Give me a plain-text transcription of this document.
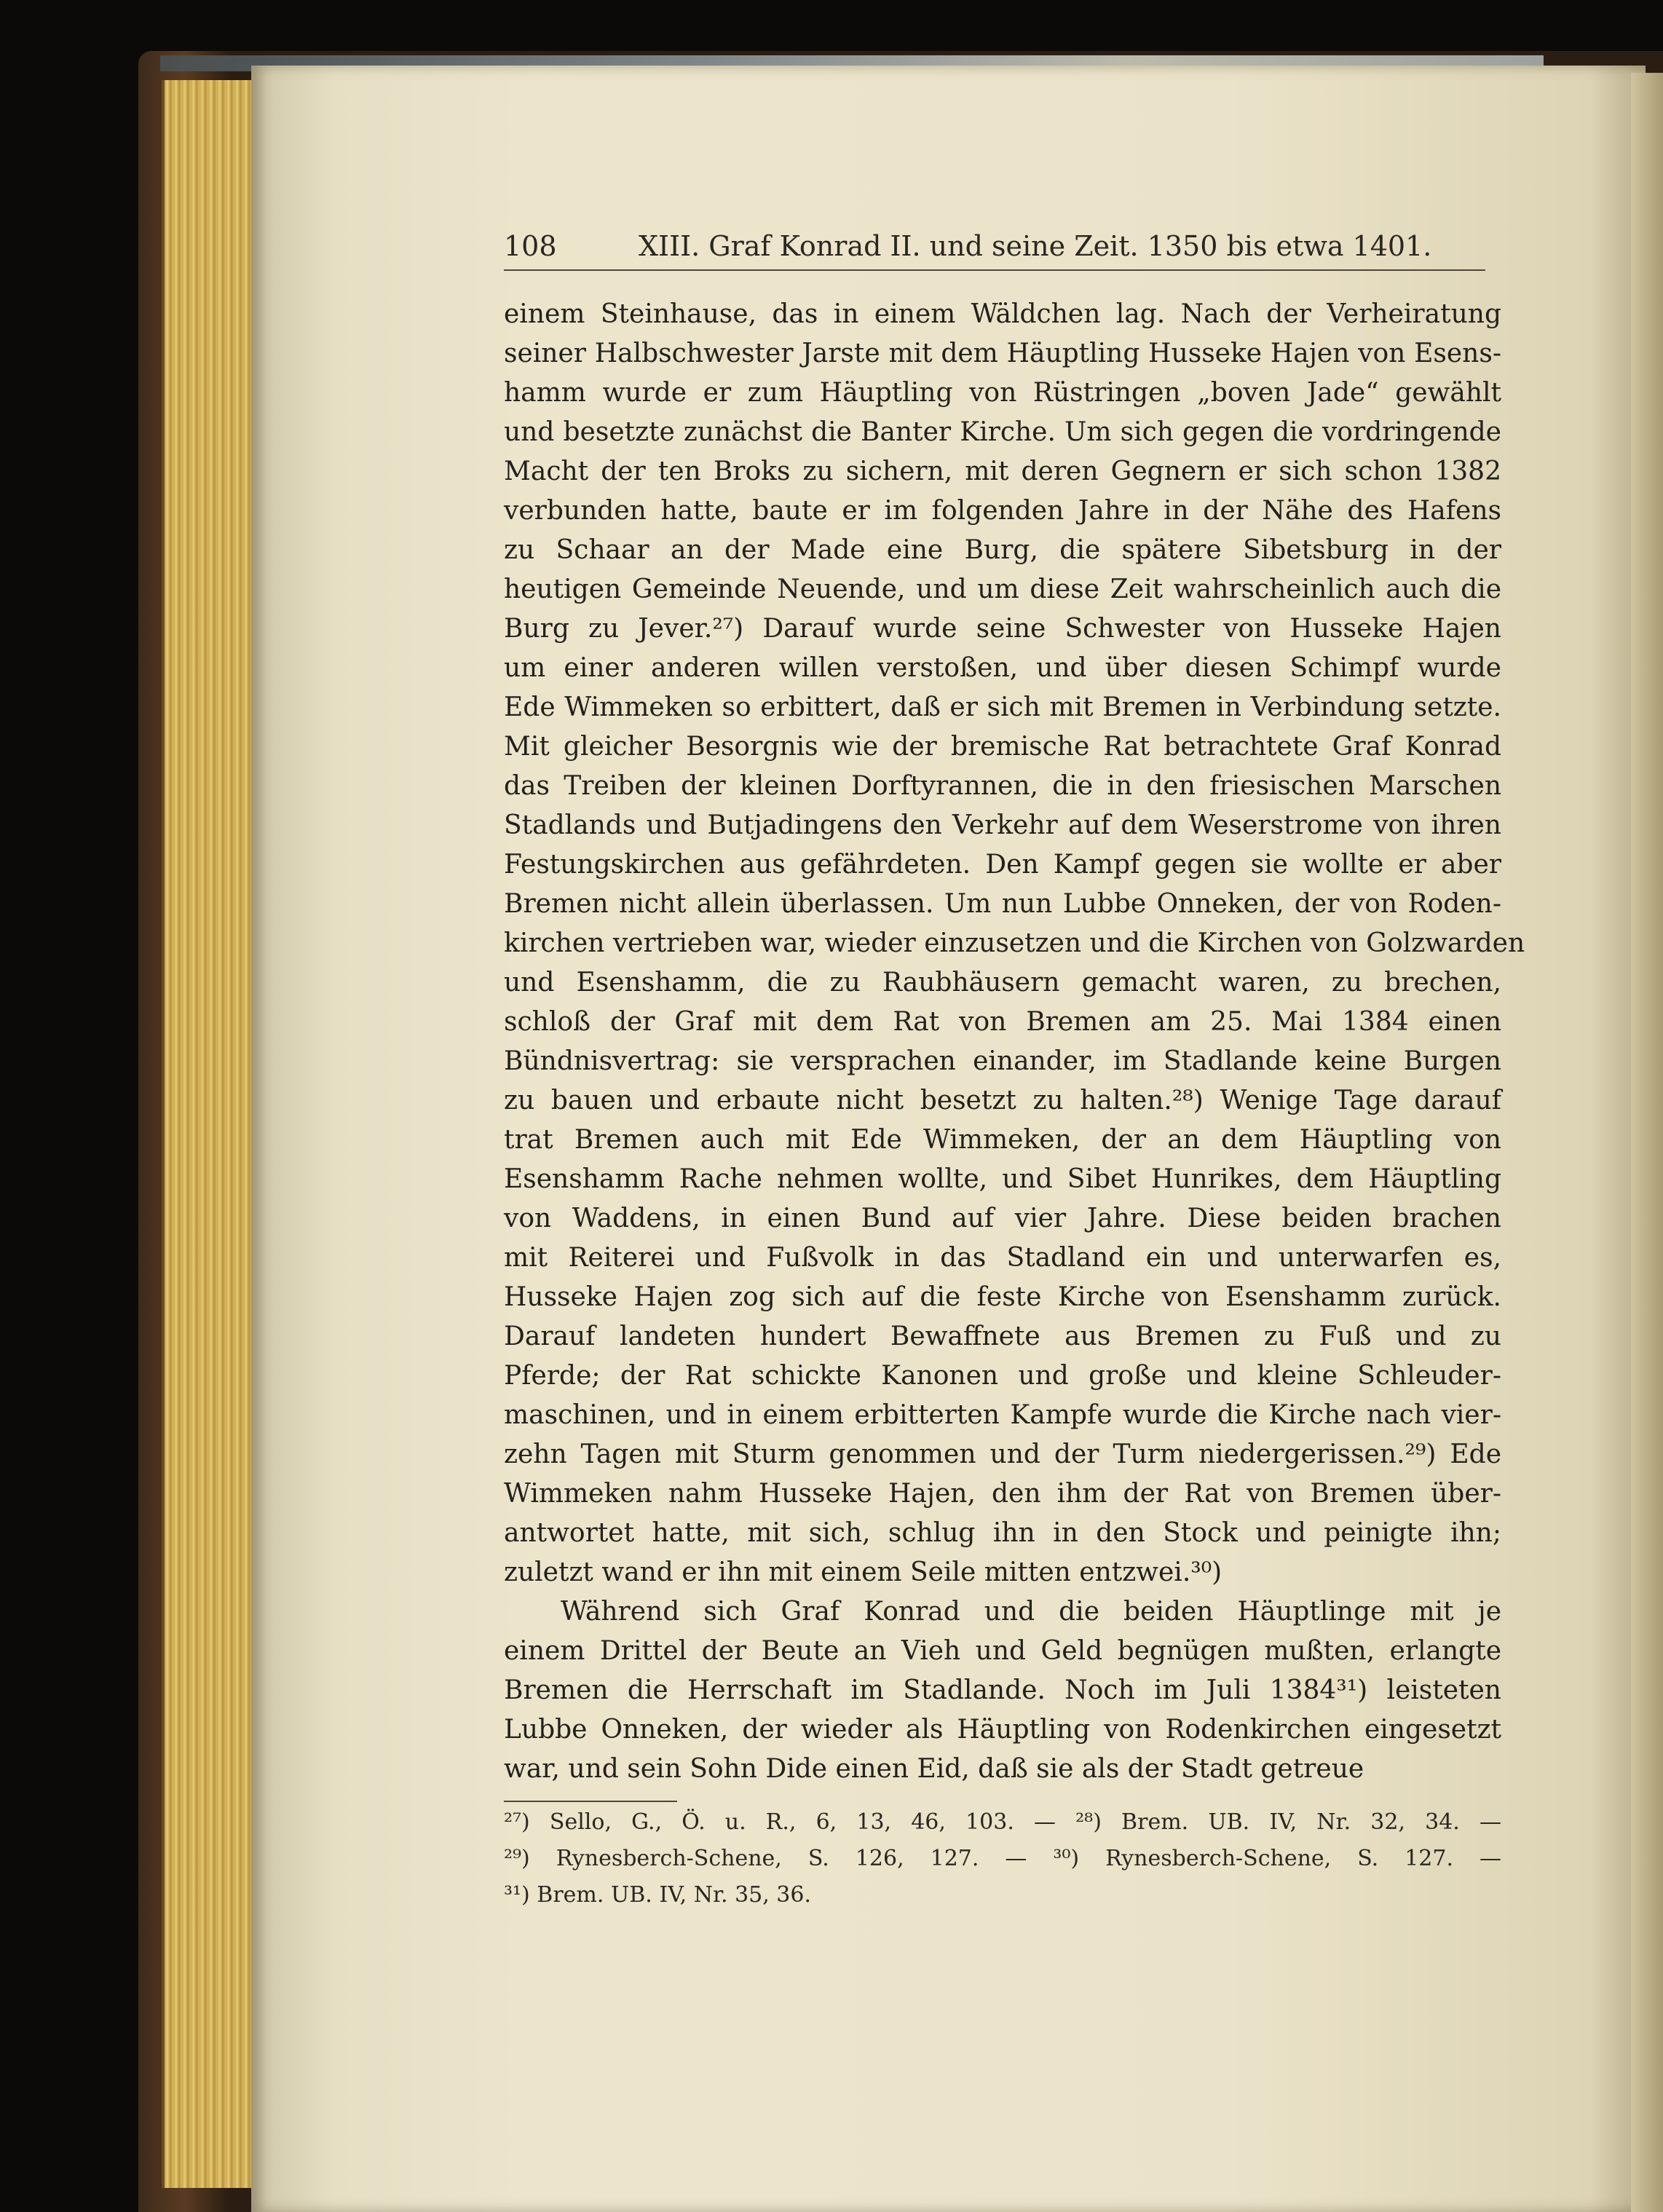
108	XIII. Graf Konrad II. und seine Zeit. 1350 bis etwa 1401.
einem Steinhause, das in einem Wäldchen lag. Nach der Verheiratung
seiner Halbschwester Jarste mit dem Häuptling Husseke Hajen von Esens-
hamm wurde er zum Häuptling von Rüstringen „boven Jade“ gewählt
und besetzte zunächst die Banter Kirche. Um sich gegen die vordringende
Macht der ten Broks zu sichern, mit deren Gegnern er sich schon 1382
verbunden hatte, baute er im folgenden Jahre in der Nähe des Hafens
zu Schaar an der Made eine Burg, die spätere Sibetsburg in der
heutigen Gemeinde Neuende, und um diese Zeit wahrscheinlich auch die
Burg zu Jever.²⁷) Darauf wurde seine Schwester von Husseke Hajen
um einer anderen willen verstoßen, und über diesen Schimpf wurde
Ede Wimmeken so erbittert, daß er sich mit Bremen in Verbindung setzte.
Mit gleicher Besorgnis wie der bremische Rat betrachtete Graf Konrad
das Treiben der kleinen Dorftyrannen, die in den friesischen Marschen
Stadlands und Butjadingens den Verkehr auf dem Weserstrome von ihren
Festungskirchen aus gefährdeten. Den Kampf gegen sie wollte er aber
Bremen nicht allein überlassen. Um nun Lubbe Onneken, der von Roden-
kirchen vertrieben war, wieder einzusetzen und die Kirchen von Golzwarden
und Esenshamm, die zu Raubhäusern gemacht waren, zu brechen,
schloß der Graf mit dem Rat von Bremen am 25. Mai 1384 einen
Bündnisvertrag: sie versprachen einander, im Stadlande keine Burgen
zu bauen und erbaute nicht besetzt zu halten.²⁸) Wenige Tage darauf
trat Bremen auch mit Ede Wimmeken, der an dem Häuptling von
Esenshamm Rache nehmen wollte, und Sibet Hunrikes, dem Häuptling
von Waddens, in einen Bund auf vier Jahre. Diese beiden brachen
mit Reiterei und Fußvolk in das Stadland ein und unterwarfen es,
Husseke Hajen zog sich auf die feste Kirche von Esenshamm zurück.
Darauf landeten hundert Bewaffnete aus Bremen zu Fuß und zu
Pferde; der Rat schickte Kanonen und große und kleine Schleuder-
maschinen, und in einem erbitterten Kampfe wurde die Kirche nach vier-
zehn Tagen mit Sturm genommen und der Turm niedergerissen.²⁹) Ede
Wimmeken nahm Husseke Hajen, den ihm der Rat von Bremen über-
antwortet hatte, mit sich, schlug ihn in den Stock und peinigte ihn;
zuletzt wand er ihn mit einem Seile mitten entzwei.³⁰)
Während sich Graf Konrad und die beiden Häuptlinge mit je
einem Drittel der Beute an Vieh und Geld begnügen mußten, erlangte
Bremen die Herrschaft im Stadlande. Noch im Juli 1384³¹) leisteten
Lubbe Onneken, der wieder als Häuptling von Rodenkirchen eingesetzt
war, und sein Sohn Dide einen Eid, daß sie als der Stadt getreue
²⁷) Sello, G., Ö. u. R., 6, 13, 46, 103. — ²⁸) Brem. UB. IV, Nr. 32, 34. —
²⁹) Rynesberch-Schene, S. 126, 127. — ³⁰) Rynesberch-Schene, S. 127. —
³¹) Brem. UB. IV, Nr. 35, 36.
